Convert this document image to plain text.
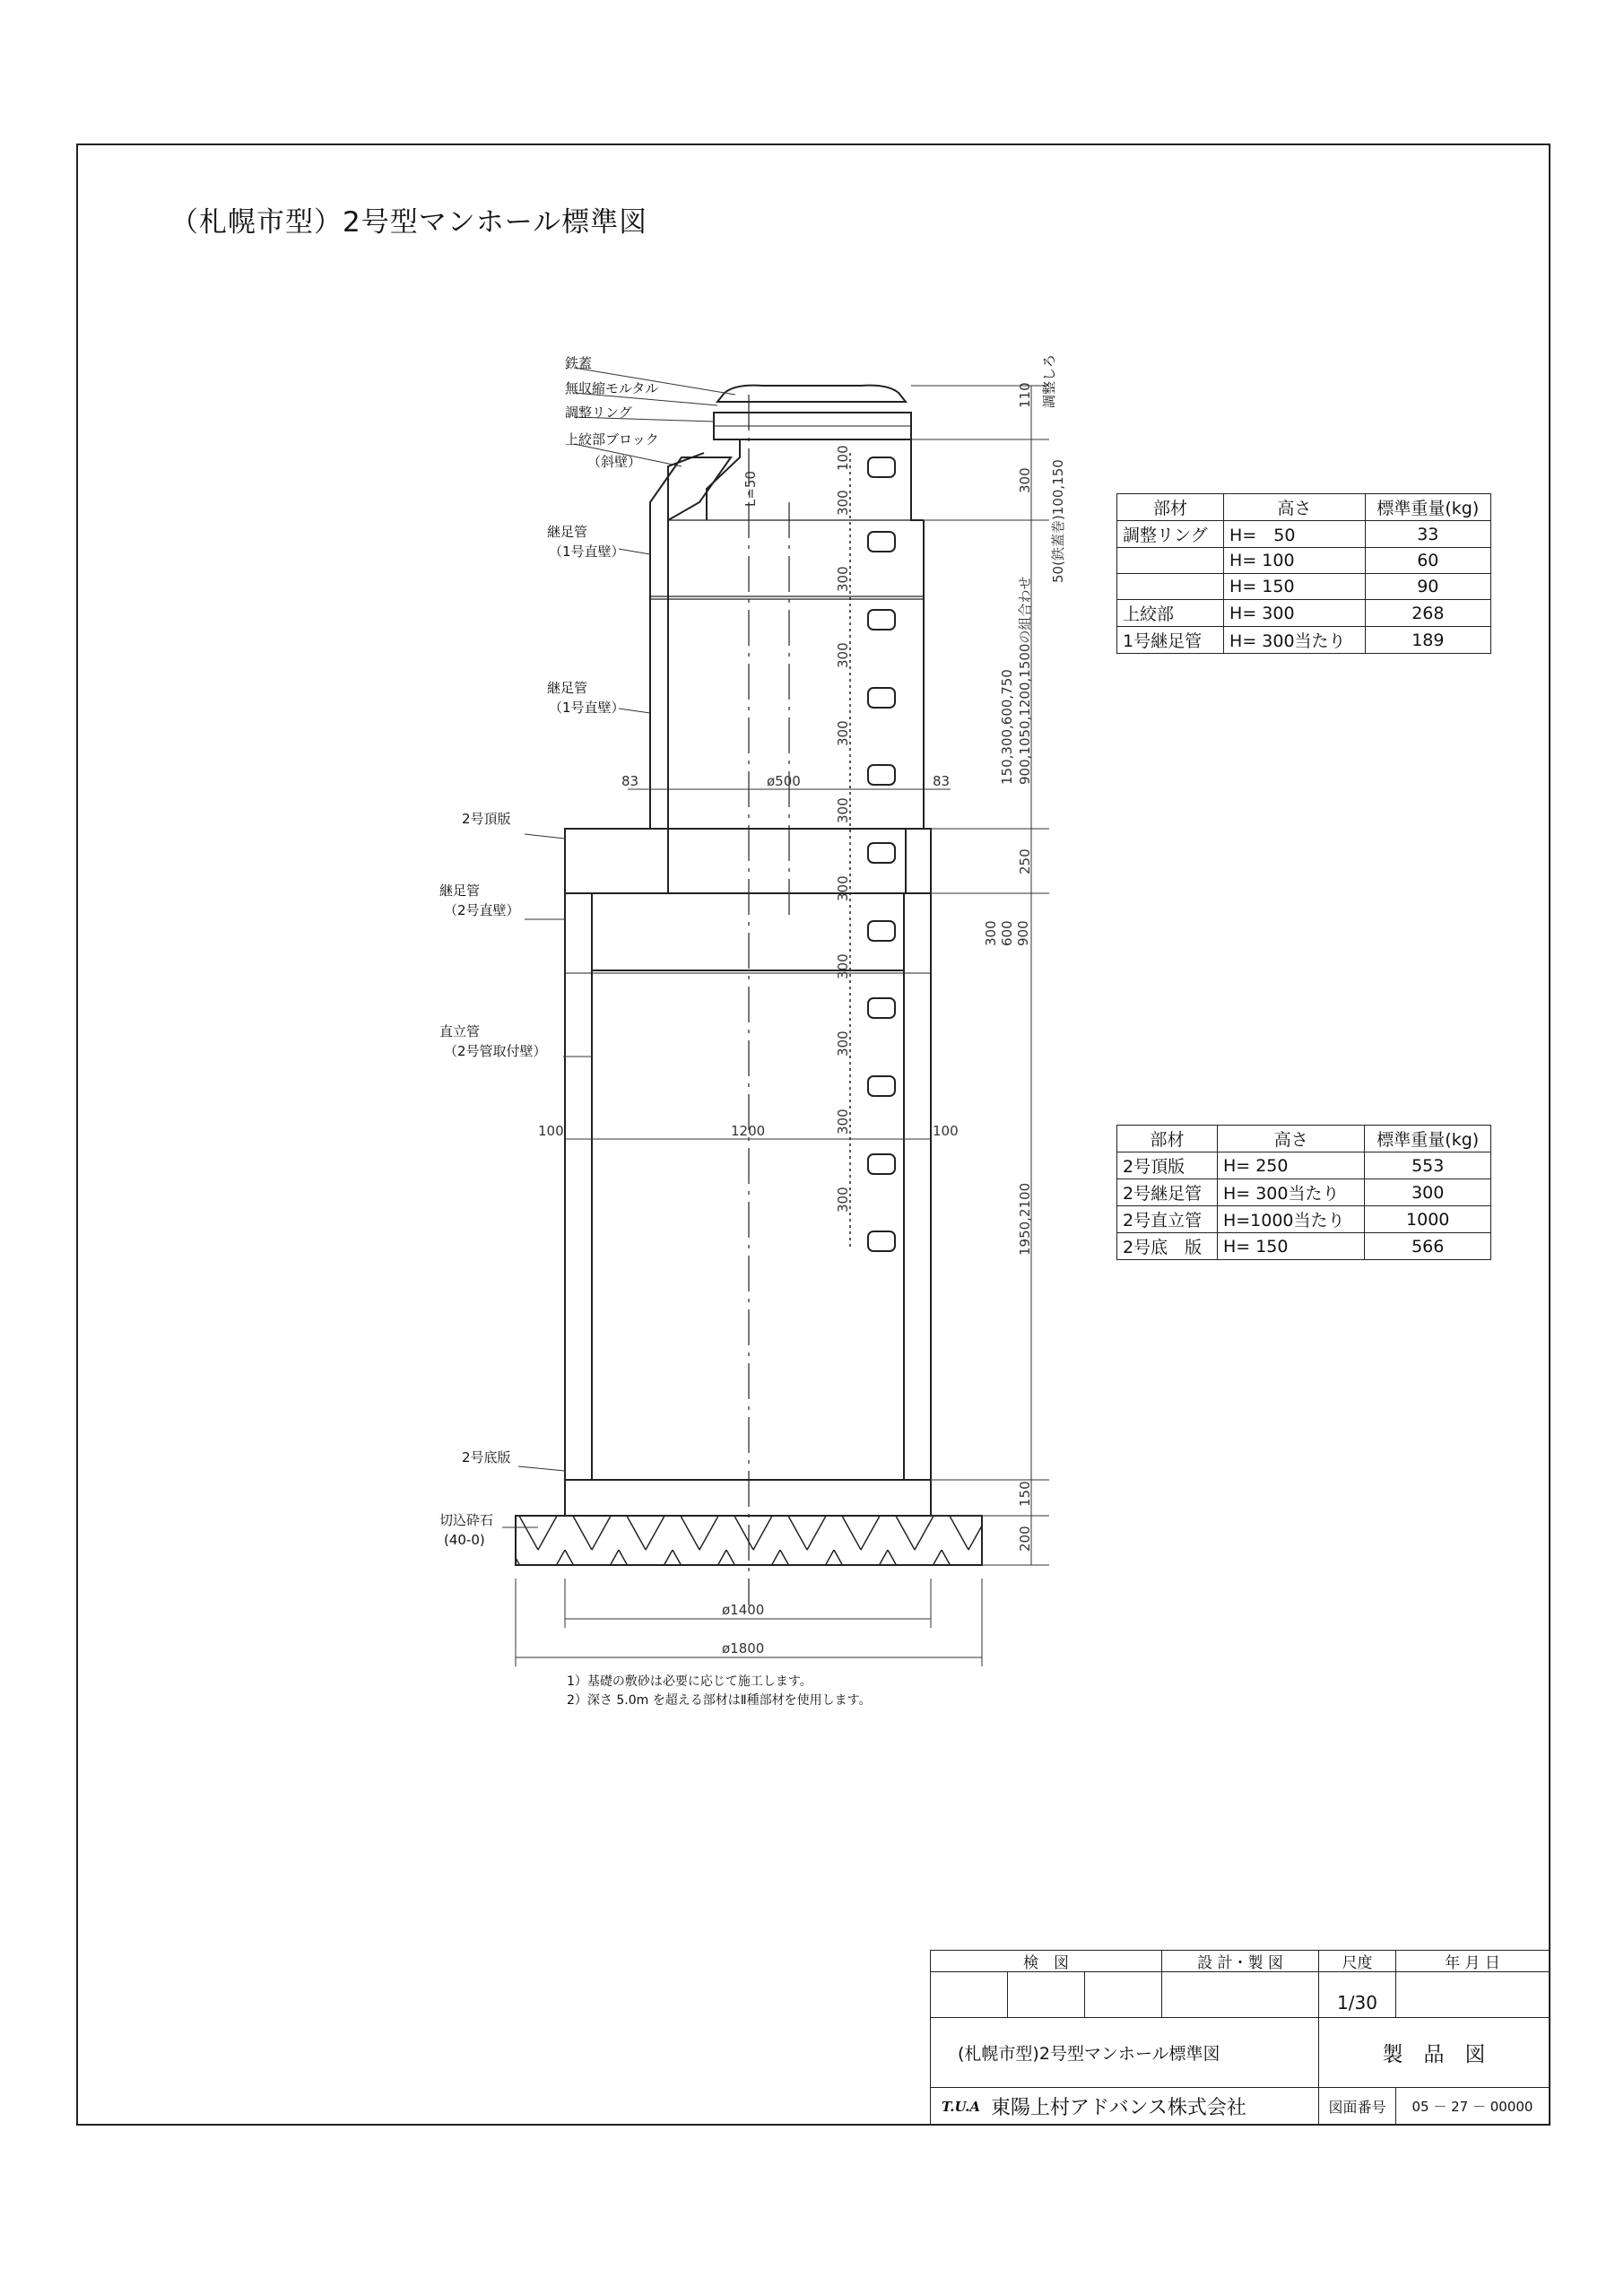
（札幌市型）2号型マンホール標準図
鉄蓋
無収縮モルタル
調整リング
上絞部ブロック
（斜壁）
継足管
（1号直壁）
継足管
（1号直壁）
2号頂版
継足管
（2号直壁）
直立管
（2号管取付壁）
2号底版
切込砕石
(40-0)
調整しろ
110
300 50(鉄蓋巻)100,150
150,300,600,750 900,1050,1200,1500の組合わせ
83	ø500	83
250
300 600 900
100	1200	100
1950,2100
150
200
ø1400
ø1800
100
L=50	300
300
300
300
300
300
300
300
300
300
部材	高さ	標準重量(kg)
調整リング	H=　50	33
	H= 100	60
	H= 150	90
上絞部	H= 300	268
1号継足管	H= 300当たり	189
部材	高さ	標準重量(kg)
2号頂版	H= 250	553
2号継足管	H= 300当たり	300
2号直立管	H=1000当たり	1000
2号底　版	H= 150	566
1）基礎の敷砂は必要に応じて施工します。
2）深さ 5.0m を超える部材はⅡ種部材を使用します。
検　図	設 計・製 図	尺度	年 月 日
1/30
(札幌市型)2号型マンホール標準図	製　品　図
T.U.A 東陽上村アドバンス株式会社	図面番号	05 － 27 － 00000
